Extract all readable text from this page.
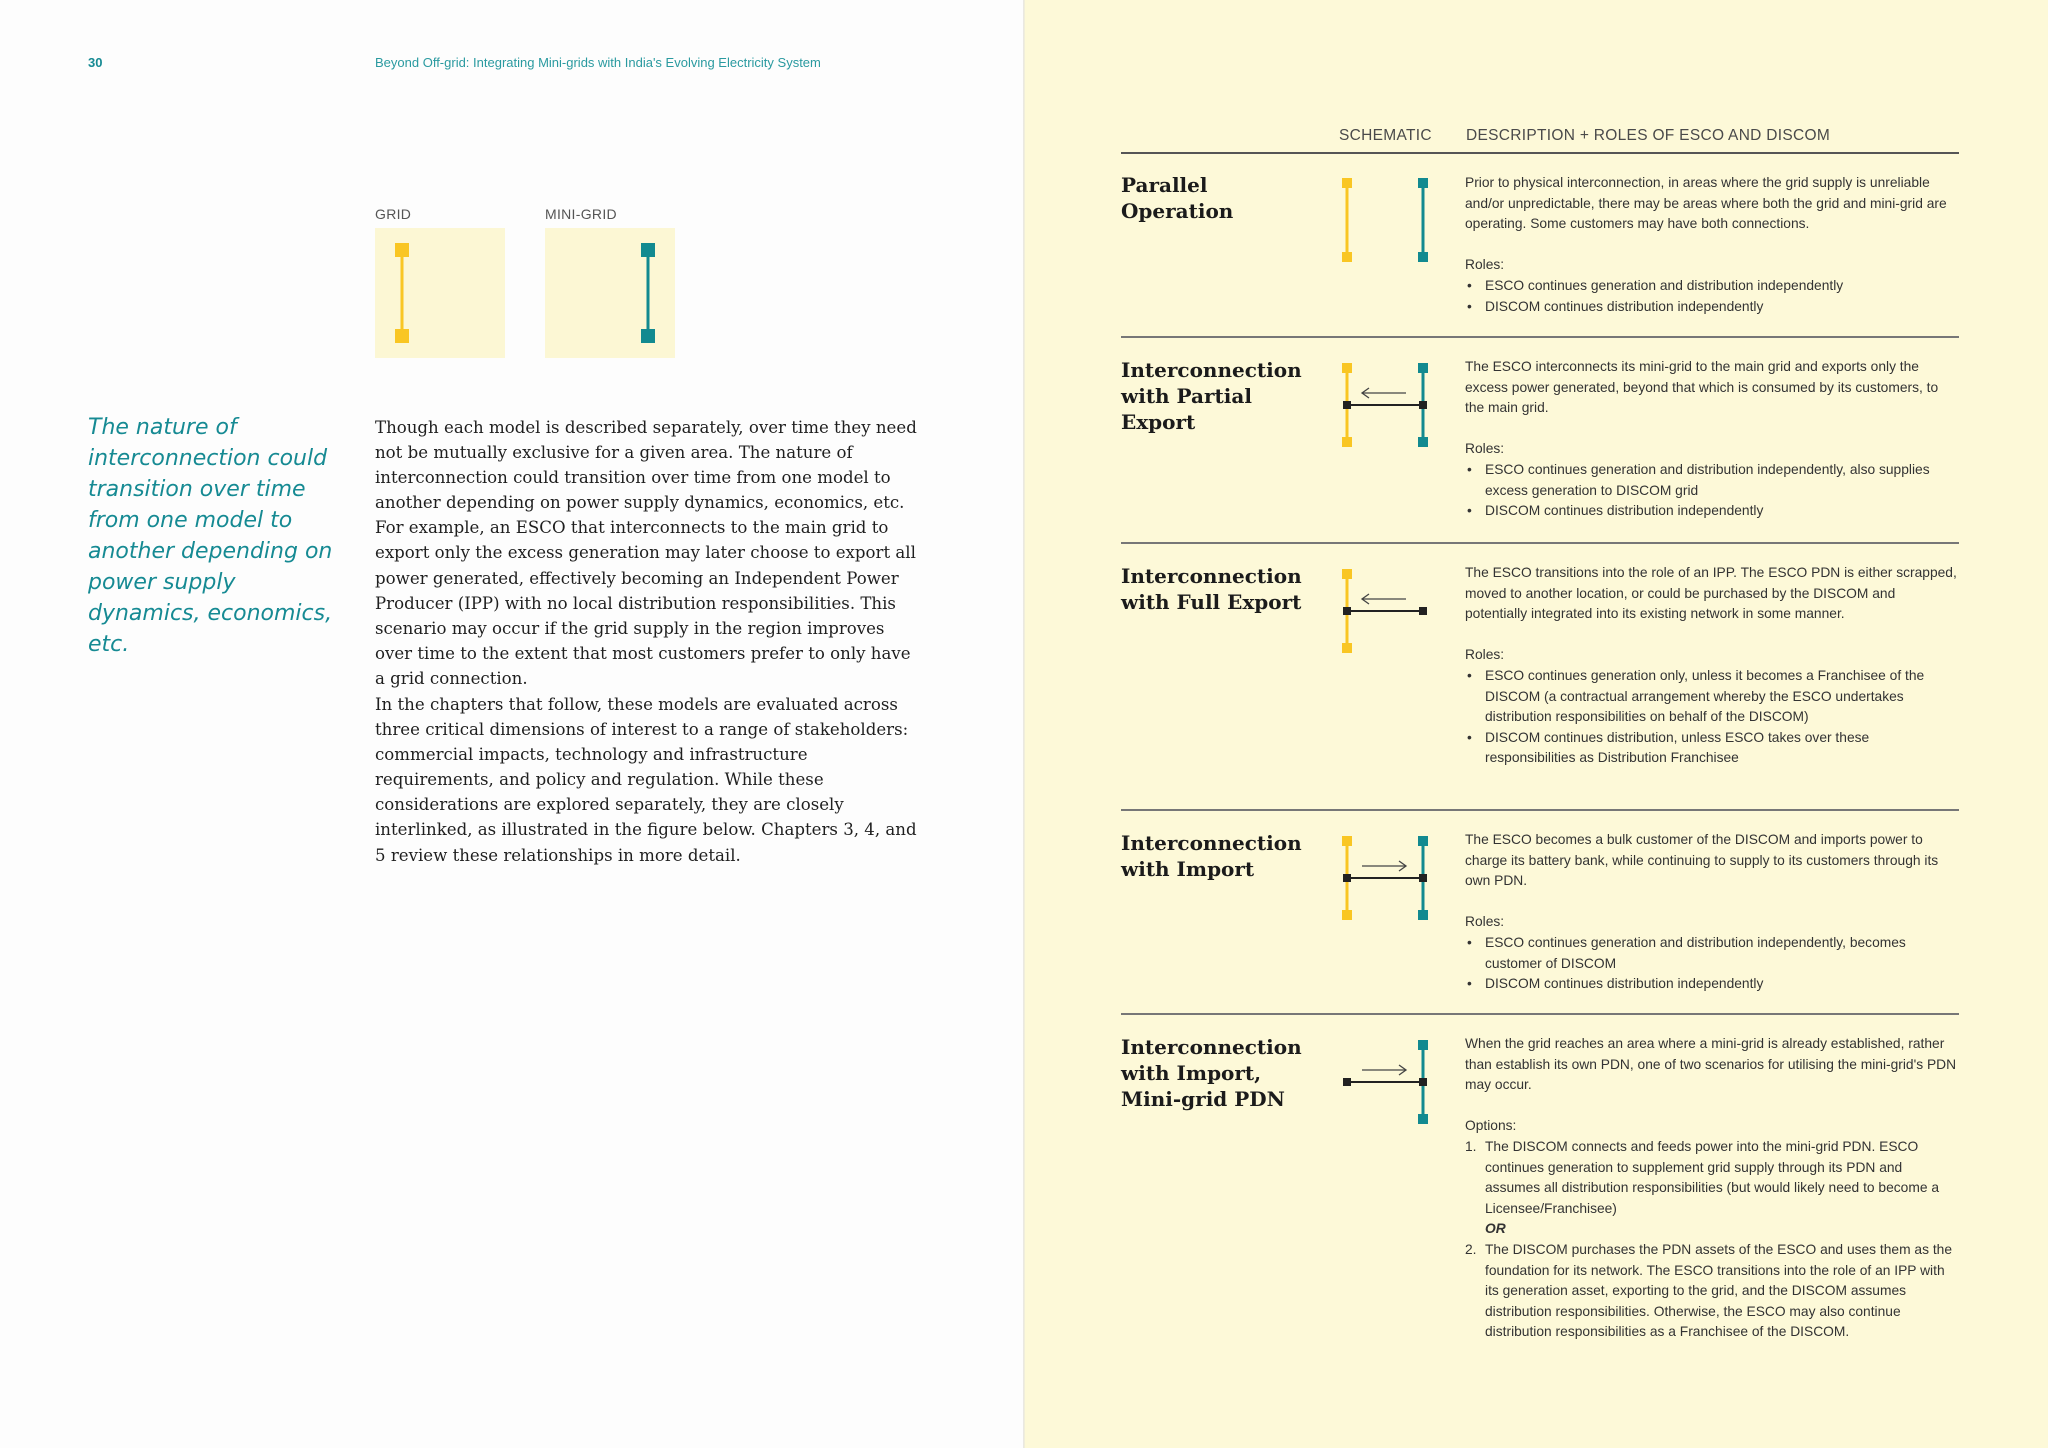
30	Beyond Off-grid: Integrating Mini-grids with India's Evolving Electricity System
GRID	MINI-GRID
The nature of interconnection could transition over time from one model to another depending on power supply dynamics, economics, etc.

Though each model is described separately, over time they need not be mutually exclusive for a given area. The nature of interconnection could transition over time from one model to another depending on power supply dynamics, economics, etc. For example, an ESCO that interconnects to the main grid to export only the excess generation may later choose to export all power generated, effectively becoming an Independent Power Producer (IPP) with no local distribution responsibilities. This scenario may occur if the grid supply in the region improves over time to the extent that most customers prefer to only have a grid connection.

In the chapters that follow, these models are evaluated across three critical dimensions of interest to a range of stakeholders: commercial impacts, technology and infrastructure requirements, and policy and regulation. While these considerations are explored separately, they are closely interlinked, as illustrated in the figure below. Chapters 3, 4, and 5 review these relationships in more detail.

SCHEMATIC DESCRIPTION + ROLES OF ESCO AND DISCOM
Parallel Operation

Prior to physical interconnection, in areas where the grid supply is unreliable and/or unpredictable, there may be areas where both the grid and mini-grid are operating. Some customers may have both connections.

Roles:

• ESCO continues generation and distribution independently
• DISCOM continues distribution independently
Interconnection with Partial Export

The ESCO interconnects its mini-grid to the main grid and exports only the excess power generated, beyond that which is consumed by its customers, to the main grid.

Roles:

• ESCO continues generation and distribution independently, also supplies excess generation to DISCOM grid
• DISCOM continues distribution independently
Interconnection with Full Export

The ESCO transitions into the role of an IPP. The ESCO PDN is either scrapped, moved to another location, or could be purchased by the DISCOM and potentially integrated into its existing network in some manner.

Roles:

• ESCO continues generation only, unless it becomes a Franchisee of the DISCOM (a contractual arrangement whereby the ESCO undertakes distribution responsibilities on behalf of the DISCOM)
• DISCOM continues distribution, unless ESCO takes over these responsibilities as Distribution Franchisee
Interconnection with Import

The ESCO becomes a bulk customer of the DISCOM and imports power to charge its battery bank, while continuing to supply to its customers through its own PDN.

Roles:

• ESCO continues generation and distribution independently, becomes customer of DISCOM
• DISCOM continues distribution independently
Interconnection with Import, Mini-grid PDN

When the grid reaches an area where a mini-grid is already established, rather than establish its own PDN, one of two scenarios for utilising the mini-grid's PDN may occur.

Options:

1. The DISCOM connects and feeds power into the mini-grid PDN. ESCO continues generation to supplement grid supply through its PDN and assumes all distribution responsibilities (but would likely need to become a Licensee/Franchisee)
OR
2. The DISCOM purchases the PDN assets of the ESCO and uses them as the foundation for its network. The ESCO transitions into the role of an IPP with its generation asset, exporting to the grid, and the DISCOM assumes distribution responsibilities. Otherwise, the ESCO may also continue distribution responsibilities as a Franchisee of the DISCOM.
